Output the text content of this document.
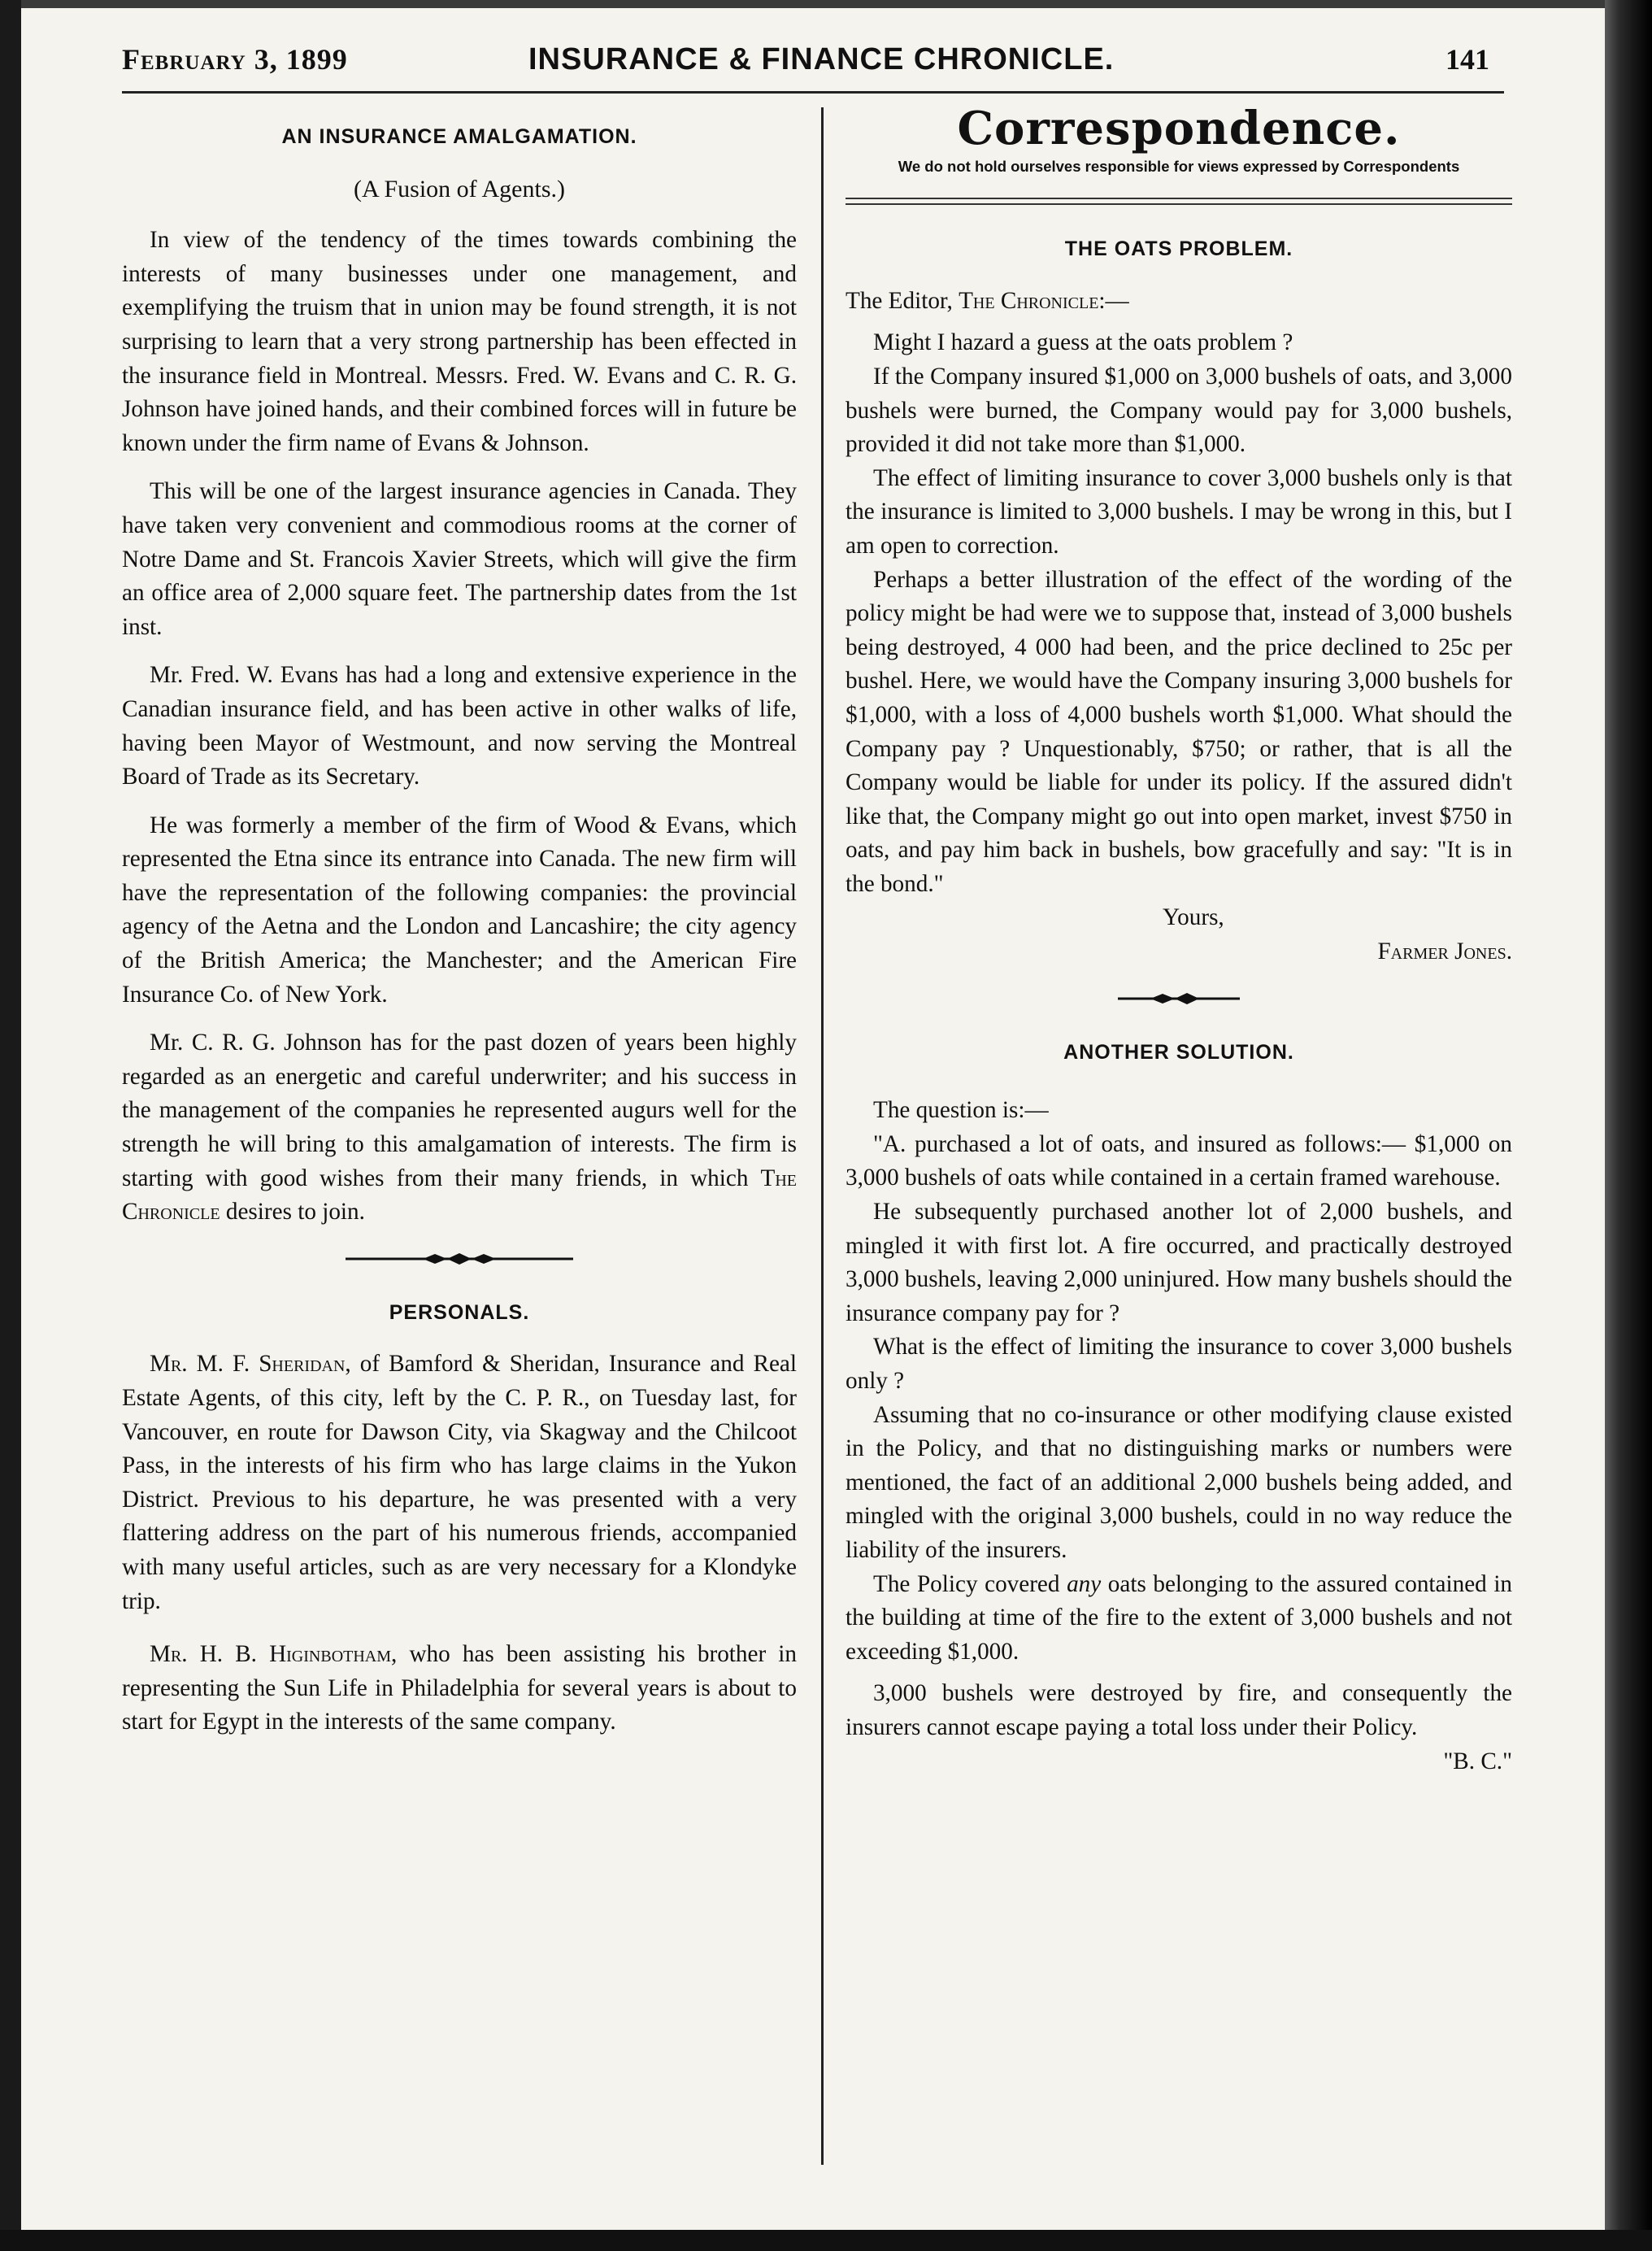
February 3, 1899	INSURANCE & FINANCE CHRONICLE.	141
AN INSURANCE AMALGAMATION.
(A Fusion of Agents.)

In view of the tendency of the times towards combining the interests of many businesses under one management, and exemplifying the truism that in union may be found strength, it is not surprising to learn that a very strong partnership has been effected in the insurance field in Montreal. Messrs. Fred. W. Evans and C. R. G. Johnson have joined hands, and their combined forces will in future be known under the firm name of Evans & Johnson.

This will be one of the largest insurance agencies in Canada. They have taken very convenient and commodious rooms at the corner of Notre Dame and St. Francois Xavier Streets, which will give the firm an office area of 2,000 square feet. The partnership dates from the 1st inst.

Mr. Fred. W. Evans has had a long and extensive experience in the Canadian insurance field, and has been active in other walks of life, having been Mayor of Westmount, and now serving the Montreal Board of Trade as its Secretary.

He was formerly a member of the firm of Wood & Evans, which represented the Etna since its entrance into Canada. The new firm will have the representation of the following companies: the provincial agency of the Aetna and the London and Lancashire; the city agency of the British America; the Manchester; and the American Fire Insurance Co. of New York.

Mr. C. R. G. Johnson has for the past dozen of years been highly regarded as an energetic and careful underwriter; and his success in the management of the companies he represented augurs well for the strength he will bring to this amalgamation of interests. The firm is starting with good wishes from their many friends, in which The Chronicle desires to join.

PERSONALS.

Mr. M. F. Sheridan, of Bamford & Sheridan, Insurance and Real Estate Agents, of this city, left by the C. P. R., on Tuesday last, for Vancouver, en route for Dawson City, via Skagway and the Chilcoot Pass, in the interests of his firm who has large claims in the Yukon District. Previous to his departure, he was presented with a very flattering address on the part of his numerous friends, accompanied with many useful articles, such as are very necessary for a Klondyke trip.

Mr. H. B. Higinbotham, who has been assisting his brother in representing the Sun Life in Philadelphia for several years is about to start for Egypt in the interests of the same company.

Correspondence.
We do not hold ourselves responsible for views expressed by Correspondents
THE OATS PROBLEM.

The Editor, The Chronicle:—

Might I hazard a guess at the oats problem ?

If the Company insured $1,000 on 3,000 bushels of oats, and 3,000 bushels were burned, the Company would pay for 3,000 bushels, provided it did not take more than $1,000.

The effect of limiting insurance to cover 3,000 bushels only is that the insurance is limited to 3,000 bushels. I may be wrong in this, but I am open to correction.

Perhaps a better illustration of the effect of the wording of the policy might be had were we to suppose that, instead of 3,000 bushels being destroyed, 4 000 had been, and the price declined to 25c per bushel. Here, we would have the Company insuring 3,000 bushels for $1,000, with a loss of 4,000 bushels worth $1,000. What should the Company pay ? Unquestionably, $750; or rather, that is all the Company would be liable for under its policy. If the assured didn't like that, the Company might go out into open market, invest $750 in oats, and pay him back in bushels, bow gracefully and say: "It is in the bond."

Yours,

Farmer Jones.

ANOTHER SOLUTION.

The question is:—

"A. purchased a lot of oats, and insured as follows:— $1,000 on 3,000 bushels of oats while contained in a certain framed warehouse.

He subsequently purchased another lot of 2,000 bushels, and mingled it with first lot. A fire occurred, and practically destroyed 3,000 bushels, leaving 2,000 uninjured. How many bushels should the insurance company pay for ?

What is the effect of limiting the insurance to cover 3,000 bushels only ?

Assuming that no co-insurance or other modifying clause existed in the Policy, and that no distinguishing marks or numbers were mentioned, the fact of an additional 2,000 bushels being added, and mingled with the original 3,000 bushels, could in no way reduce the liability of the insurers.

The Policy covered any oats belonging to the assured contained in the building at time of the fire to the extent of 3,000 bushels and not exceeding $1,000.

3,000 bushels were destroyed by fire, and consequently the insurers cannot escape paying a total loss under their Policy.

"B. C."
